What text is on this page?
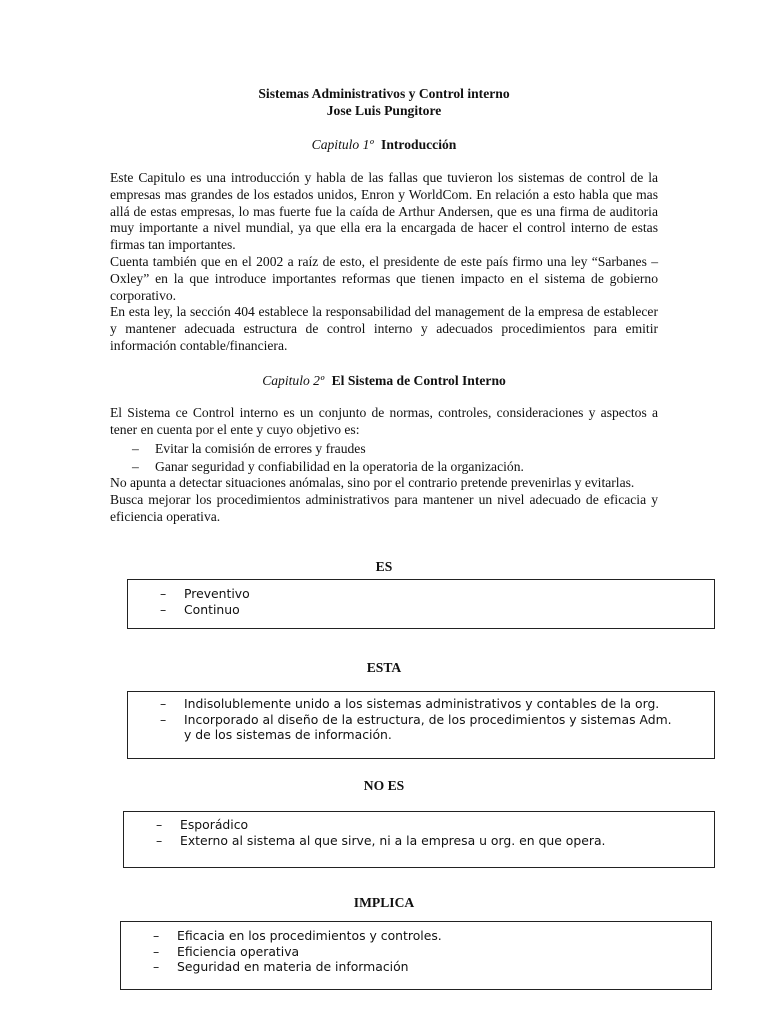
Sistemas Administrativos y Control interno
Jose Luis Pungitore
Capitulo 1º Introducción

Este Capitulo es una introducción y habla de las fallas que tuvieron los sistemas de control de la empresas mas grandes de los estados unidos, Enron y WorldCom. En relación a esto habla que mas allá de estas empresas, lo mas fuerte fue la caída de Arthur Andersen, que es una firma de auditoria muy importante a nivel mundial, ya que ella era la encargada de hacer el control interno de estas firmas tan importantes.

Cuenta también que en el 2002 a raíz de esto, el presidente de este país firmo una ley “Sarbanes – Oxley” en la que introduce importantes reformas que tienen impacto en el sistema de gobierno corporativo.

En esta ley, la sección 404 establece la responsabilidad del management de la empresa de establecer y mantener adecuada estructura de control interno y adecuados procedimientos para emitir información contable/financiera.

Capitulo 2º El Sistema de Control Interno

El Sistema ce Control interno es un conjunto de normas, controles, consideraciones y aspectos a tener en cuenta por el ente y cuyo objetivo es:

– Evitar la comisión de errores y fraudes
– Ganar seguridad y confiabilidad en la operatoria de la organización.

No apunta a detectar situaciones anómalas, sino por el contrario pretende prevenirlas y evitarlas.

Busca mejorar los procedimientos administrativos para mantener un nivel adecuado de eficacia y eficiencia operativa.

ES
– Preventivo
– Continuo
ESTA
– Indisolublemente unido a los sistemas administrativos y contables de la org.
– Incorporado al diseño de la estructura, de los procedimientos y sistemas Adm.
y de los sistemas de información.
NO ES
– Esporádico
– Externo al sistema al que sirve, ni a la empresa u org. en que opera.
IMPLICA
– Eficacia en los procedimientos y controles.
– Eficiencia operativa
– Seguridad en materia de información
